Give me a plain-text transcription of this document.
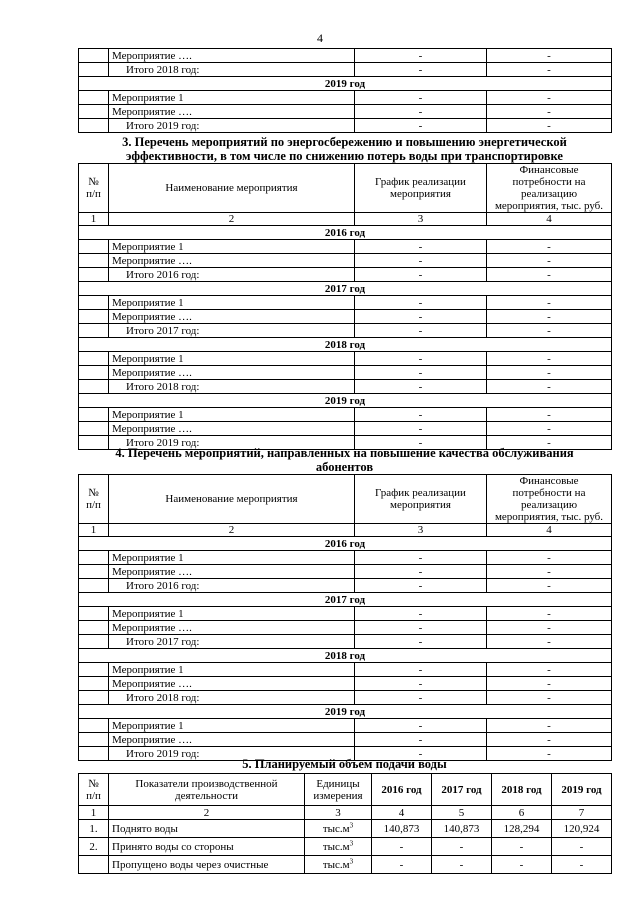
4
	Мероприятие ….	-	-
	Итого 2018 год:	-	-
2019 год			
	Мероприятие 1	-	-
	Мероприятие ….	-	-
	Итого 2019 год:	-	-
3. Перечень мероприятий по энергосбережению и повышению энергетической
эффективности, в том числе по снижению потерь воды при транспортировке
№
п/п	Наименование мероприятия	График реализации мероприятия	Финансовые потребности на реализацию мероприятия, тыс. руб.
1	2	3	4
2016 год			
	Мероприятие 1	-	-
	Мероприятие ….	-	-
	Итого 2016 год:	-	-
2017 год			
	Мероприятие 1	-	-
	Мероприятие ….	-	-
	Итого 2017 год:	-	-
2018 год			
	Мероприятие 1	-	-
	Мероприятие ….	-	-
	Итого 2018 год:	-	-
2019 год			
	Мероприятие 1	-	-
	Мероприятие ….	-	-
	Итого 2019 год:	-	-
4. Перечень мероприятий, направленных на повышение качества обслуживания
абонентов
№
п/п	Наименование мероприятия	График реализации мероприятия	Финансовые потребности на реализацию мероприятия, тыс. руб.
1	2	3	4
2016 год			
	Мероприятие 1	-	-
	Мероприятие ….	-	-
	Итого 2016 год:	-	-
2017 год			
	Мероприятие 1	-	-
	Мероприятие ….	-	-
	Итого 2017 год:	-	-
2018 год			
	Мероприятие 1	-	-
	Мероприятие ….	-	-
	Итого 2018 год:	-	-
2019 год			
	Мероприятие 1	-	-
	Мероприятие ….	-	-
	Итого 2019 год:	-	-
5. Планируемый объем подачи воды
№
п/п	Показатели производственной деятельности	Единицы измерения	2016 год	2017 год	2018 год	2019 год
1	2	3	4	5	6	7
1.	Поднято воды	$тыс.м^3$	140,873	140,873	128,294	120,924
2.	Принято воды со стороны	$тыс.м^3$	-	-	-	-
	Пропущено воды через очистные	$тыс.м^3$	-	-	-	-
